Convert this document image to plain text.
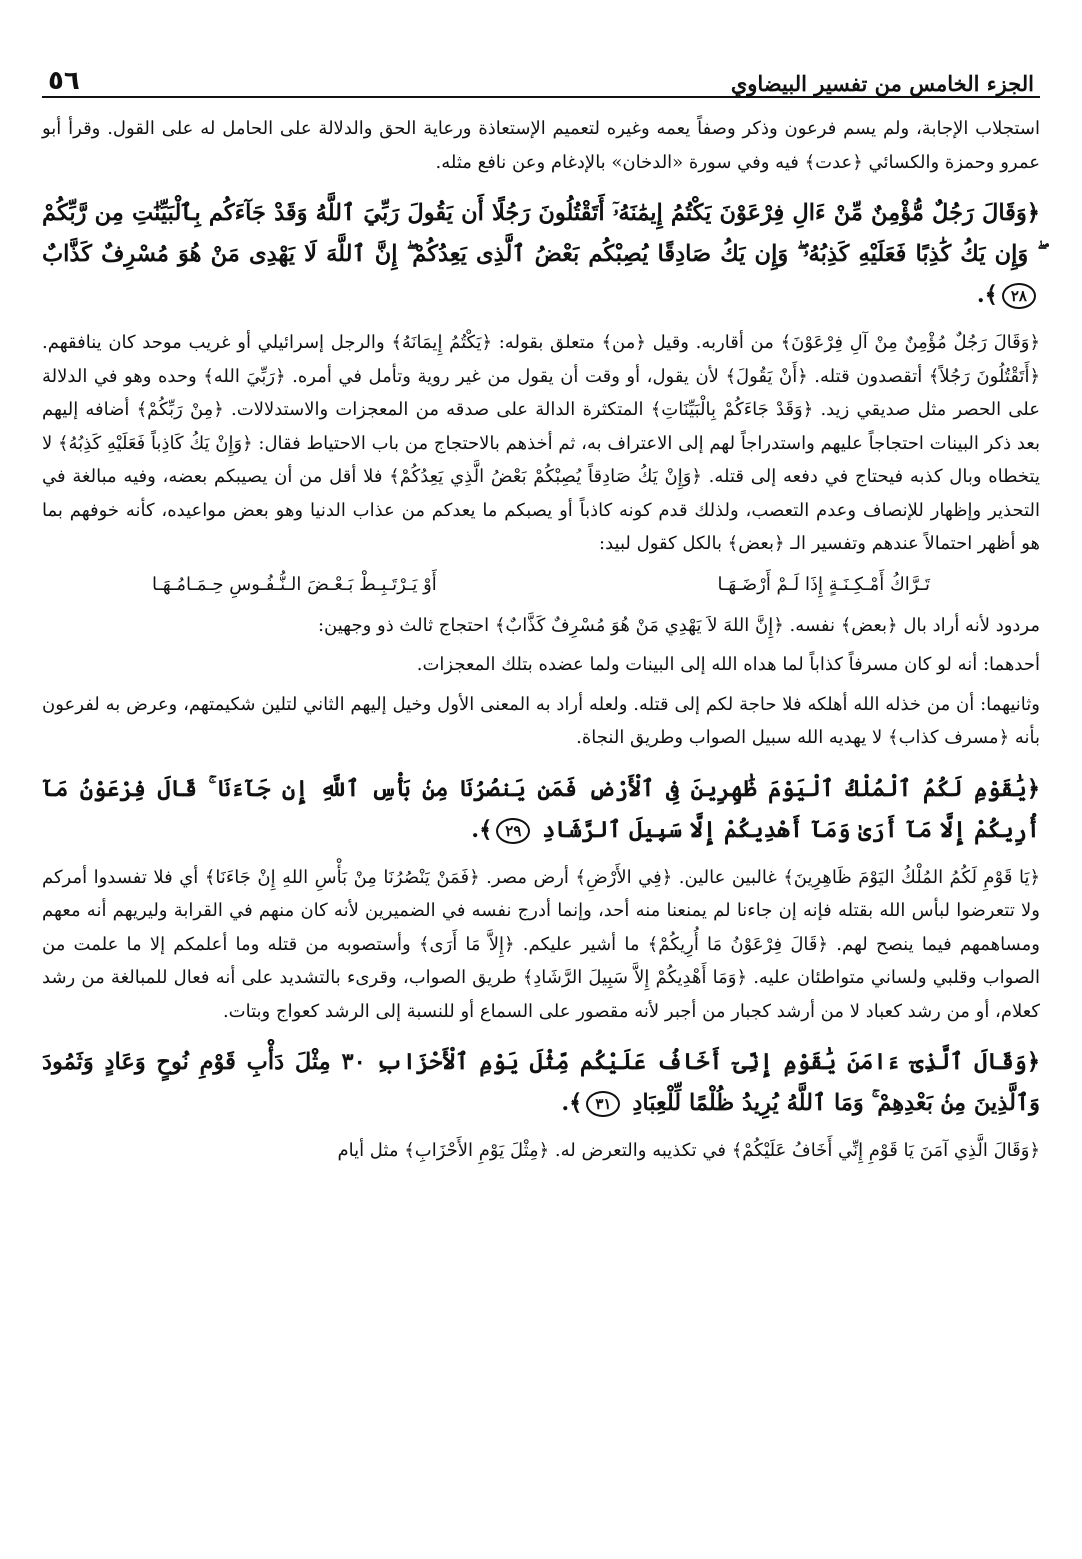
الجزء الخامس من تفسير البيضاوي
٥٦

استجلاب الإجابة، ولم يسم فرعون وذكر وصفاً يعمه وغيره لتعميم الإستعاذة ورعاية الحق والدلالة على الحامل له على القول. وقرأ أبو عمرو وحمزة والكسائي ﴿عدت﴾ فيه وفي سورة «الدخان» بالإدغام وعن نافع مثله.

﴿وَقَالَ رَجُلٌ مُّؤْمِنٌ مِّنْ ءَالِ فِرْعَوْنَ يَكْتُمُ إِيمَٰنَهُۥٓ أَتَقْتُلُونَ رَجُلًا أَن يَقُولَ رَبِّيَ ٱللَّهُ وَقَدْ جَآءَكُم بِٱلْبَيِّنَٰتِ مِن رَّبِّكُمْ ۖ وَإِن يَكُ كَٰذِبًا فَعَلَيْهِ كَذِبُهُۥ ۖ وَإِن يَكُ صَادِقًا يُصِبْكُم بَعْضُ ٱلَّذِى يَعِدُكُمْ ۖ إِنَّ ٱللَّهَ لَا يَهْدِى مَنْ هُوَ مُسْرِفٌ كَذَّابٌ ٢٨﴾.

﴿وَقَالَ رَجُلٌ مُؤْمِنٌ مِنْ آلِ فِرْعَوْنَ﴾ من أقاربه. وقيل ﴿من﴾ متعلق بقوله: ﴿يَكْتُمُ إِيمَانَهُ﴾ والرجل إسرائيلي أو غريب موحد كان ينافقهم. ﴿أَتَقْتُلُونَ رَجُلاً﴾ أتقصدون قتله. ﴿أَنْ يَقُولَ﴾ لأن يقول، أو وقت أن يقول من غير روية وتأمل في أمره. ﴿رَبِّيَ الله﴾ وحده وهو في الدلالة على الحصر مثل صديقي زيد. ﴿وَقَدْ جَاءَكُمْ بِالْبَيِّنَاتِ﴾ المتكثرة الدالة على صدقه من المعجزات والاستدلالات. ﴿مِنْ رَبِّكُمْ﴾ أضافه إليهم بعد ذكر البينات احتجاجاً عليهم واستدراجاً لهم إلى الاعتراف به، ثم أخذهم بالاحتجاج من باب الاحتياط فقال: ﴿وَإِنْ يَكُ كَاذِباً فَعَلَيْهِ كَذِبُهُ﴾ لا يتخطاه وبال كذبه فيحتاج في دفعه إلى قتله. ﴿وَإِنْ يَكُ صَادِقاً يُصِبْكُمْ بَعْضُ الَّذِي يَعِدُكُمْ﴾ فلا أقل من أن يصيبكم بعضه، وفيه مبالغة في التحذير وإظهار للإنصاف وعدم التعصب، ولذلك قدم كونه كاذباً أو يصبكم ما يعدكم من عذاب الدنيا وهو بعض مواعيده، كأنه خوفهم بما هو أظهر احتمالاً عندهم وتفسير الـ ﴿بعض﴾ بالكل كقول لبيد:

تَـرَّاكُ أَمْـكِـنَـةٍ إِذَا لَـمْ أَرْضَـهَـا
أَوْ يَـرْتَـبِـطْ بَـعْـضَ الـنُّـفُـوسِ حِـمَـامُـهَـا

مردود لأنه أراد بال ﴿بعض﴾ نفسه. ﴿إِنَّ اللهَ لاَ يَهْدِي مَنْ هُوَ مُسْرِفٌ كَذَّابٌ﴾ احتجاج ثالث ذو وجهين:

أحدهما: أنه لو كان مسرفاً كذاباً لما هداه الله إلى البينات ولما عضده بتلك المعجزات.

وثانيهما: أن من خذله الله أهلكه فلا حاجة لكم إلى قتله. ولعله أراد به المعنى الأول وخيل إليهم الثاني لتلين شكيمتهم، وعرض به لفرعون بأنه ﴿مسرف كذاب﴾ لا يهديه الله سبيل الصواب وطريق النجاة.

﴿يَٰقَوْمِ لَكُمُ ٱلْمُلْكُ ٱلْيَوْمَ ظَٰهِرِينَ فِى ٱلْأَرْضِ فَمَن يَنصُرُنَا مِنۢ بَأْسِ ٱللَّهِ إِن جَآءَنَا ۚ قَالَ فِرْعَوْنُ مَآ أُرِيكُمْ إِلَّا مَآ أَرَىٰ وَمَآ أَهْدِيكُمْ إِلَّا سَبِيلَ ٱلرَّشَادِ ٢٩﴾.

﴿يَا قَوْمِ لَكُمُ المُلْكُ اليَوْمَ ظَاهِرِينَ﴾ غالبين عالين. ﴿فِي الأَرْضِ﴾ أرض مصر. ﴿فَمَنْ يَنْصُرُنَا مِنْ بَأْسِ اللهِ إِنْ جَاءَنَا﴾ أي فلا تفسدوا أمركم ولا تتعرضوا لبأس الله بقتله فإنه إن جاءنا لم يمنعنا منه أحد، وإنما أدرج نفسه في الضميرين لأنه كان منهم في القرابة وليريهم أنه معهم ومساهمهم فيما ينصح لهم. ﴿قَالَ فِرْعَوْنُ مَا أُرِيكُمْ﴾ ما أشير عليكم. ﴿إِلاَّ مَا أَرَى﴾ وأستصوبه من قتله وما أعلمكم إلا ما علمت من الصواب وقلبي ولساني متواطئان عليه. ﴿وَمَا أَهْدِيكُمْ إِلاَّ سَبِيلَ الرَّشَادِ﴾ طريق الصواب، وقرىء بالتشديد على أنه فعال للمبالغة من رشد كعلام، أو من رشد كعباد لا من أرشد كجبار من أجبر لأنه مقصور على السماع أو للنسبة إلى الرشد كعواج وبتات.

﴿وَقَالَ ٱلَّذِىٓ ءَامَنَ يَٰقَوْمِ إِنِّىٓ أَخَافُ عَلَيْكُم مِّثْلَ يَوْمِ ٱلْأَحْزَابِ ٣٠ مِثْلَ دَأْبِ قَوْمِ نُوحٍ وَعَادٍ وَثَمُودَ وَٱلَّذِينَ مِنۢ بَعْدِهِمْ ۚ وَمَا ٱللَّهُ يُرِيدُ ظُلْمًا لِّلْعِبَادِ ٣١﴾.

﴿وَقَالَ الَّذِي آمَنَ يَا قَوْمِ إِنِّي أَخَافُ عَلَيْكُمْ﴾ في تكذيبه والتعرض له. ﴿مِثْلَ يَوْمِ الأَحْزَابِ﴾ مثل أيام
